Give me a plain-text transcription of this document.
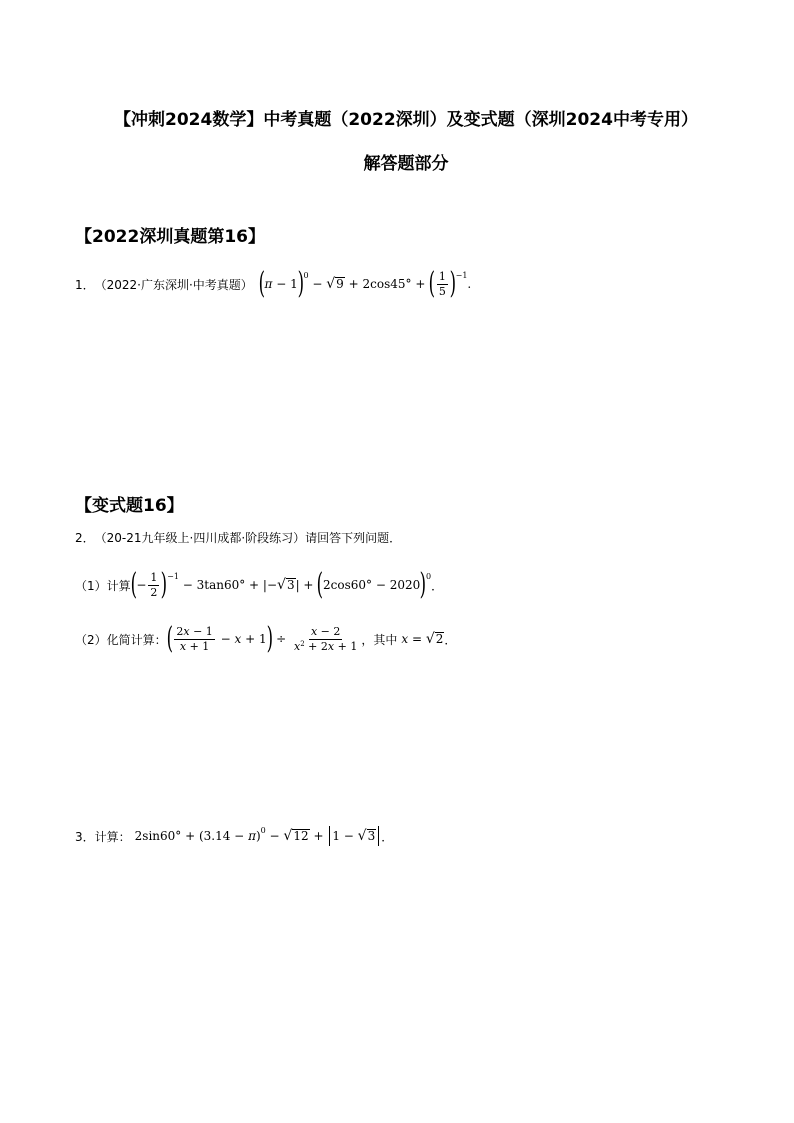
【冲刺2024数学】中考真题（2022深圳）及变式题（深圳2024中考专用）
解答题部分
【2022深圳真题第16】
1． （2022·广东深圳·中考真题） ( π − 1 ) 0
− √ 9 + 2cos45° + ( $\frac{1}{5}$ ) −1
.
【变式题16】
2． （20-21九年级上·四川成都·阶段练习） 请回答下列问题．
（1）计算 ( − $\frac{1}{2}$ ) −1
− 3tan60° + |− √ 3 | + ( 2cos60° − 2020 ) 0
．
（2）化简计算： ( $\frac{2x - 1}{x + 1} - x + 1$ ) ÷ $\frac{x - 2}{x^2 + 2x + 1}$ ，其中 x = √ 2 ．
3． 计算： 2sin60° + (3.14 − π ) 0 − √ 12 +
1 − √ 3 ．
